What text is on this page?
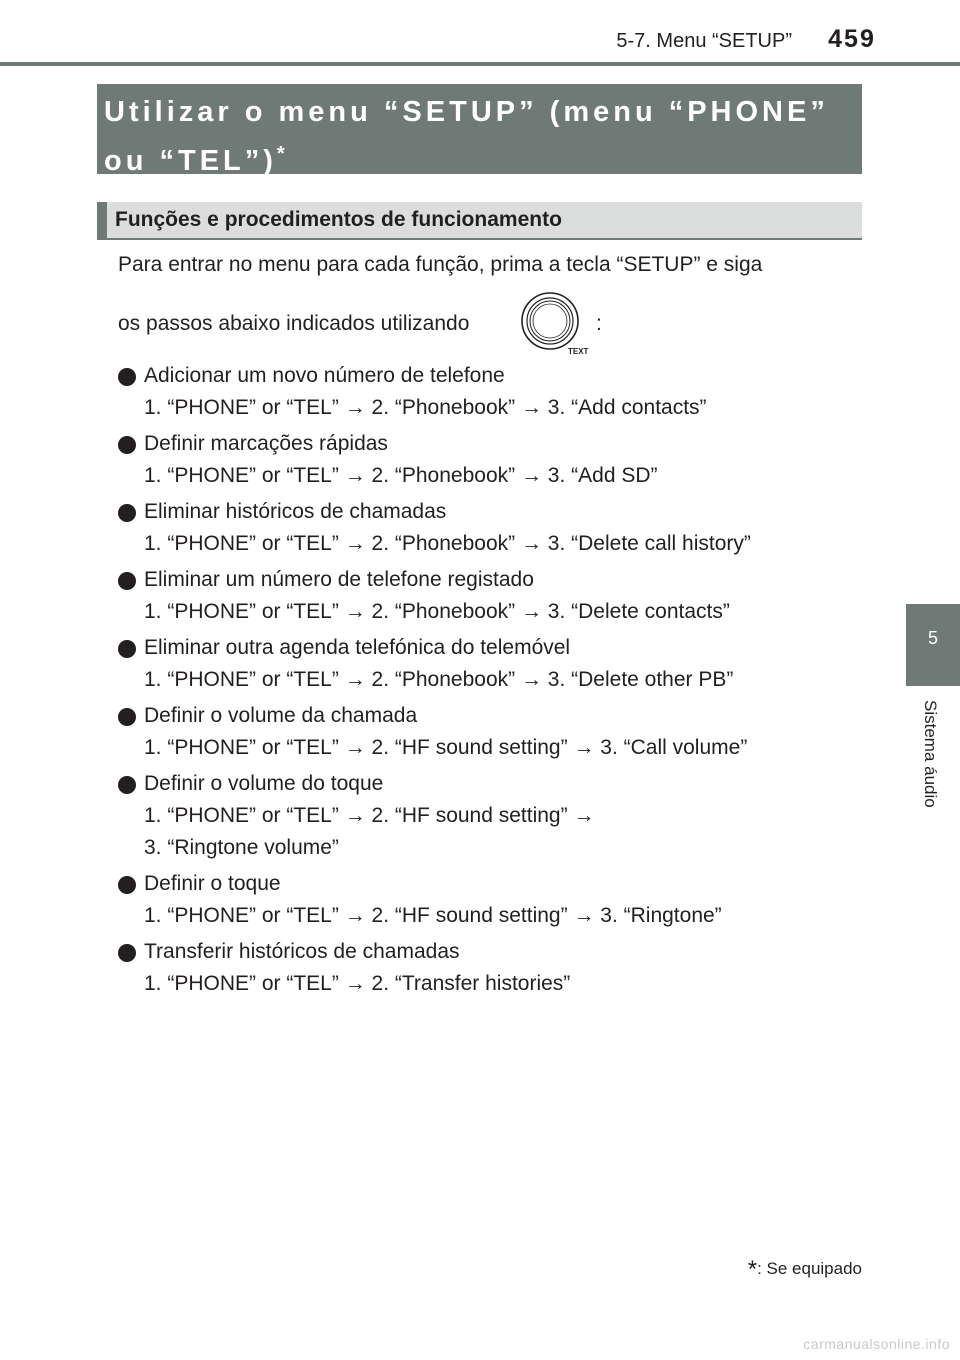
5-7. Menu “SETUP”	459
Utilizar o menu “SETUP” (menu “PHONE” ou “TEL”)*
Funções e procedimentos de funcionamento
Para entrar no menu para cada função, prima a tecla “SETUP” e siga
os passos abaixo indicados utilizando
TEXT
:
Adicionar um novo número de telefone
1. “PHONE” or “TEL” → 2. “Phonebook” → 3. “Add contacts”
Definir marcações rápidas
1. “PHONE” or “TEL” → 2. “Phonebook” → 3. “Add SD”
Eliminar históricos de chamadas
1. “PHONE” or “TEL” → 2. “Phonebook” → 3. “Delete call history”
Eliminar um número de telefone registado
1. “PHONE” or “TEL” → 2. “Phonebook” → 3. “Delete contacts”
Eliminar outra agenda telefónica do telemóvel
1. “PHONE” or “TEL” → 2. “Phonebook” → 3. “Delete other PB”
Definir o volume da chamada
1. “PHONE” or “TEL” → 2. “HF sound setting” → 3. “Call volume”
Definir o volume do toque
1. “PHONE” or “TEL” → 2. “HF sound setting” →
3. “Ringtone volume”
Definir o toque
1. “PHONE” or “TEL” → 2. “HF sound setting” → 3. “Ringtone”
Transferir históricos de chamadas
1. “PHONE” or “TEL” → 2. “Transfer histories”
5
Sistema áudio
*: Se equipado
carmanualsonline.info
